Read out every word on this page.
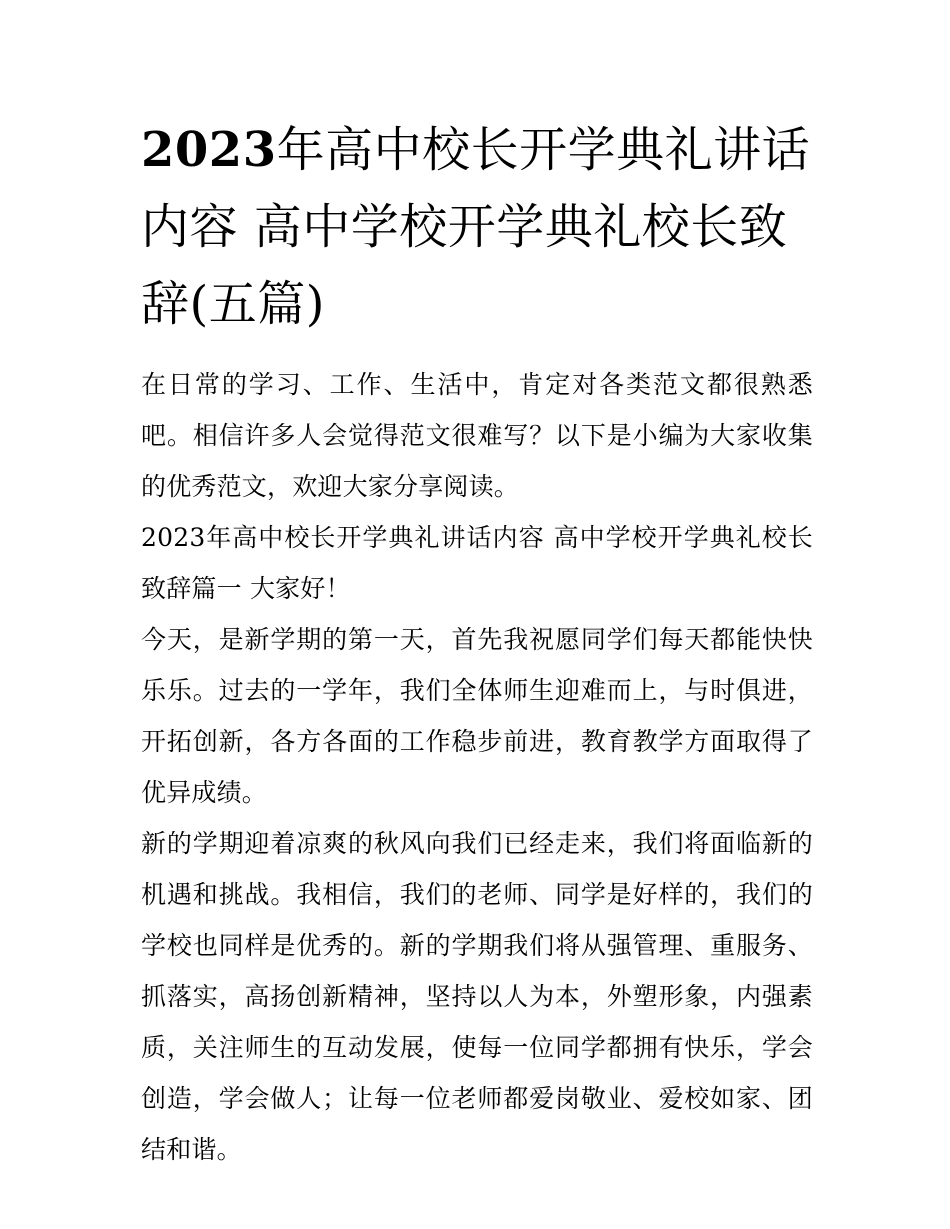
2023年高中校长开学典礼讲话内容 高中学校开学典礼校长致辞(五篇)

在日常的学习、工作、生活中，肯定对各类范文都很熟悉吧。相信许多人会觉得范文很难写？以下是小编为大家收集的优秀范文，欢迎大家分享阅读。

2023年高中校长开学典礼讲话内容 高中学校开学典礼校长致辞篇一 大家好！

今天，是新学期的第一天，首先我祝愿同学们每天都能快快乐乐。过去的一学年，我们全体师生迎难而上，与时俱进，开拓创新，各方各面的工作稳步前进，教育教学方面取得了优异成绩。

新的学期迎着凉爽的秋风向我们已经走来，我们将面临新的机遇和挑战。我相信，我们的老师、同学是好样的，我们的学校也同样是优秀的。新的学期我们将从强管理、重服务、抓落实，高扬创新精神，坚持以人为本，外塑形象，内强素质，关注师生的互动发展，使每一位同学都拥有快乐，学会创造，学会做人；让每一位老师都爱岗敬业、爱校如家、团结和谐。
